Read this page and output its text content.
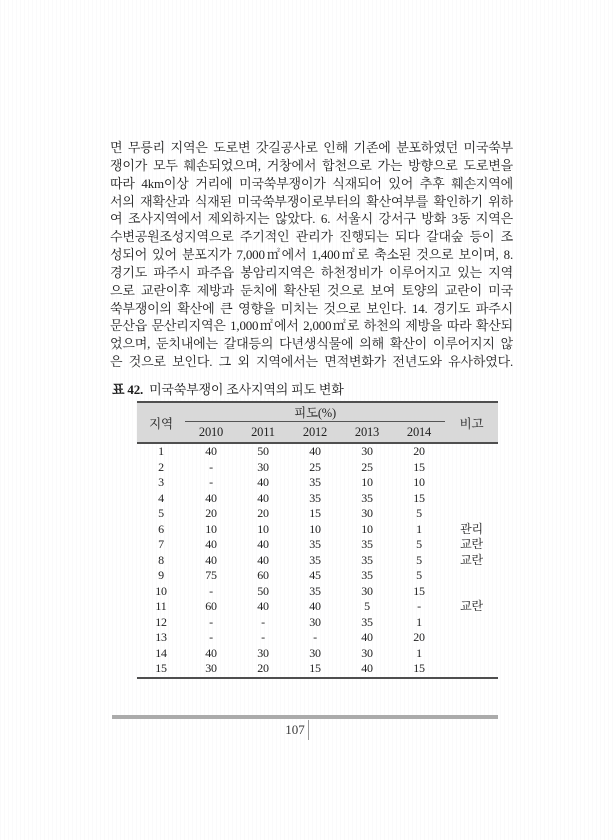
면 무릉리 지역은 도로변 갓길공사로 인해 기존에 분포하였던 미국쑥부
쟁이가 모두 훼손되었으며, 거창에서 합천으로 가는 방향으로 도로변을
따라 4km이상 거리에 미국쑥부쟁이가 식재되어 있어 추후 훼손지역에
서의 재확산과 식재된 미국쑥부쟁이로부터의 확산여부를 확인하기 위하
여 조사지역에서 제외하지는 않았다. 6. 서울시 강서구 방화 3동 지역은
수변공원조성지역으로 주기적인 관리가 진행되는 되다 갈대숲 등이 조
성되어 있어 분포지가 7,000㎡에서 1,400㎡로 축소된 것으로 보이며, 8.
경기도 파주시 파주읍 봉암리지역은 하천정비가 이루어지고 있는 지역
으로 교란이후 제방과 둔치에 확산된 것으로 보여 토양의 교란이 미국
쑥부쟁이의 확산에 큰 영향을 미치는 것으로 보인다. 14. 경기도 파주시
문산읍 문산리지역은 1,000㎡에서 2,000㎡로 하천의 제방을 따라 확산되
었으며, 둔치내에는 갈대등의 다년생식물에 의해 확산이 이루어지지 않
은 것으로 보인다. 그 외 지역에서는 면적변화가 전년도와 유사하였다.
표 42. 미국쑥부쟁이 조사지역의 피도 변화
지역	피도(%)					비고
	2010	2011	2012	2013	2014	
1	40	50	40	30	20	
2	-	30	25	25	15	
3	-	40	35	10	10	
4	40	40	35	35	15	
5	20	20	15	30	5	
6	10	10	10	10	1	관리
7	40	40	35	35	5	교란
8	40	40	35	35	5	교란
9	75	60	45	35	5	
10	-	50	35	30	15	
11	60	40	40	5	-	교란
12	-	-	30	35	1	
13	-	-	-	40	20	
14	40	30	30	30	1	
15	30	20	15	40	15	
107
